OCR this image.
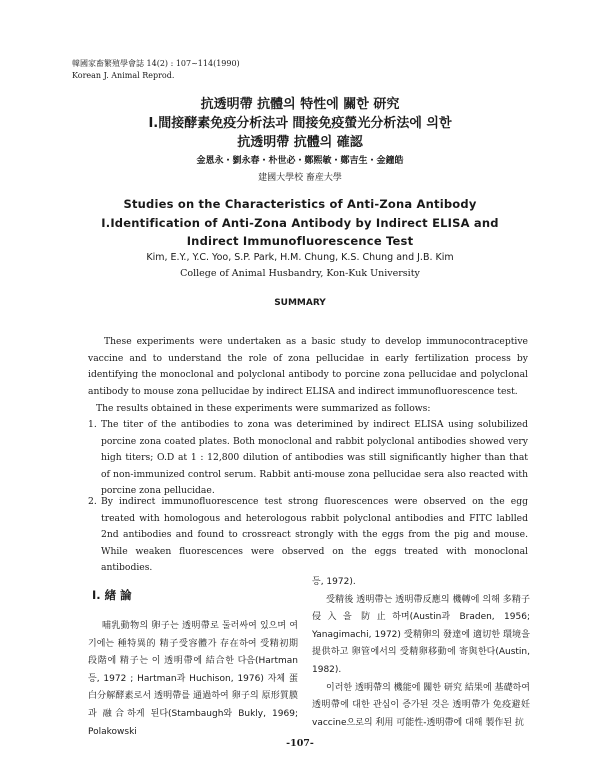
韓國家畜繁殖學會誌 14(2) : 107~114(1990)
Korean J. Animal Reprod.
抗透明帶 抗體의 特性에 關한 研究
Ⅰ.間接酵素免疫分析法과 間接免疫螢光分析法에 의한
抗透明帶 抗體의 確認
金恩永・劉永春・朴世必・鄭熙敏・鄭吉生・金鐘皓
建國大學校 畜産大學
Studies on the Characteristics of Anti-Zona Antibody
Ⅰ.Identification of Anti-Zona Antibody by Indirect ELISA and
Indirect Immunofluorescence Test
Kim, E.Y., Y.C. Yoo, S.P. Park, H.M. Chung, K.S. Chung and J.B. Kim
College of Animal Husbandry, Kon-Kuk University
SUMMARY

These experiments were undertaken as a basic study to develop immunocontraceptive vaccine and to understand the role of zona pellucidae in early fertilization process by identifying the monoclonal and polyclonal antibody to porcine zona pellucidae and polyclonal antibody to mouse zona pellucidae by indirect ELISA and indirect immunofluorescence test.

The results obtained in these experiments were summarized as follows:

1. The titer of the antibodies to zona was deterimined by indirect ELISA using solubilized porcine zona coated plates. Both monoclonal and rabbit polyclonal antibodies showed very high titers; O.D at 1 : 12,800 dilution of antibodies was still significantly higher than that of non-immunized control serum. Rabbit anti-mouse zona pellucidae sera also reacted with porcine zona pellucidae.

2. By indirect immunofluorescence test strong fluorescences were observed on the egg treated with homologous and heterologous rabbit polyclonal antibodies and FITC lablled 2nd antibodies and found to crossreact strongly with the eggs from the pig and mouse. While weaken fluorescences were observed on the eggs treated with monoclonal antibodies.

Ⅰ. 緖 論

哺乳動物의 卵子는 透明帶로 둘러싸여 있으며 여기에는 種特異的 精子受容體가 存在하여 受精初期 段階에 精子는 이 透明帶에 結合한 다음(Hartman 등, 1972 ; Hartman과 Huchison, 1976) 자체 蛋白分解酵素로서 透明帶를 通過하여 卵子의 原形質膜과 融合하게 된다(Stambaugh와 Bukly, 1969; Polakowski

등, 1972).

受精後 透明帶는 透明帶反應의 機轉에 의해 多精子侵入을 防止하며(Austin과 Braden, 1956; Yanagimachi, 1972) 受精卵의 發達에 適切한 環境을 提供하고 卵管에서의 受精卵移動에 寄與한다(Austin, 1982).

이러한 透明帶의 機能에 關한 研究 結果에 基礎하여 透明帶에 대한 관심이 증가된 것은 透明帶가 免疫避妊 vaccine으로의 利用 可能性-透明帶에 대해 製作된 抗

-107-
